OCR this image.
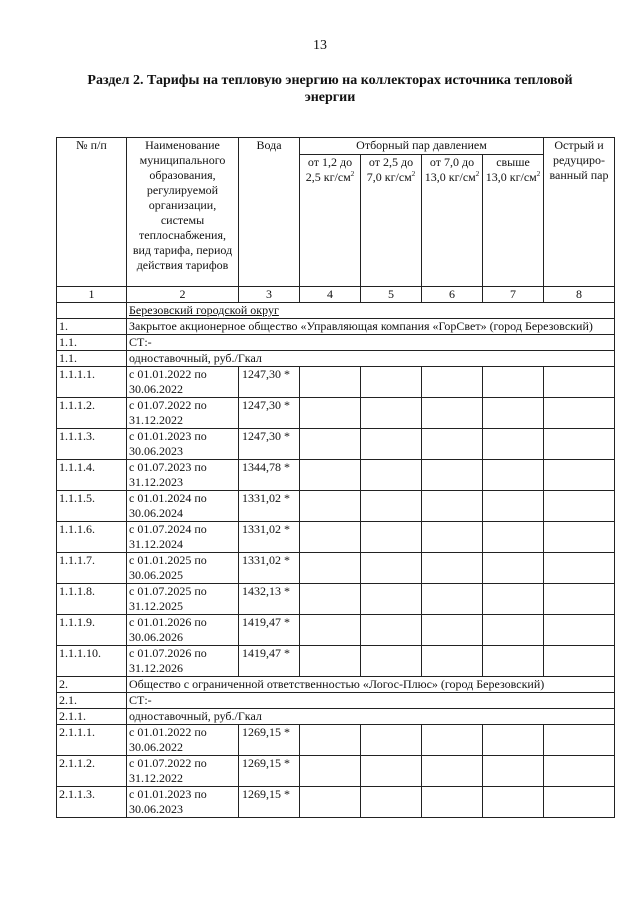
13
Раздел 2. Тарифы на тепловую энергию на коллекторах источника тепловой энергии
№ п/п	Наименование муниципального образования, регулируемой организации, системы теплоснабжения, вид тарифа, период действия тарифов	Вода	Отборный пар давлением				Острый и редуциро-ванный пар
			от 1,2 до 2,5 $кг/см^2$	от 2,5 до 7,0 $кг/см^2$	от 7,0 до 13,0 $кг/см^2$	свыше 13,0 $кг/см^2$
1	2	3	4	5	6	7	8
	Березовский городской округ						
1.	Закрытое акционерное общество «Управляющая компания «ГорСвет» (город Березовский)						
1.1.	СТ:-						
1.1.	одноставочный, руб./Гкал						
1.1.1.1.	с 01.01.2022 по 30.06.2022	1247,30 *					
1.1.1.2.	с 01.07.2022 по 31.12.2022	1247,30 *					
1.1.1.3.	с 01.01.2023 по 30.06.2023	1247,30 *					
1.1.1.4.	с 01.07.2023 по 31.12.2023	1344,78 *					
1.1.1.5.	с 01.01.2024 по 30.06.2024	1331,02 *					
1.1.1.6.	с 01.07.2024 по 31.12.2024	1331,02 *					
1.1.1.7.	с 01.01.2025 по 30.06.2025	1331,02 *					
1.1.1.8.	с 01.07.2025 по 31.12.2025	1432,13 *					
1.1.1.9.	с 01.01.2026 по 30.06.2026	1419,47 *					
1.1.1.10.	с 01.07.2026 по 31.12.2026	1419,47 *					
2.	Общество с ограниченной ответственностью «Логос-Плюс» (город Березовский)						
2.1.	СТ:-						
2.1.1.	одноставочный, руб./Гкал						
2.1.1.1.	с 01.01.2022 по 30.06.2022	1269,15 *					
2.1.1.2.	с 01.07.2022 по 31.12.2022	1269,15 *					
2.1.1.3.	с 01.01.2023 по 30.06.2023	1269,15 *					
